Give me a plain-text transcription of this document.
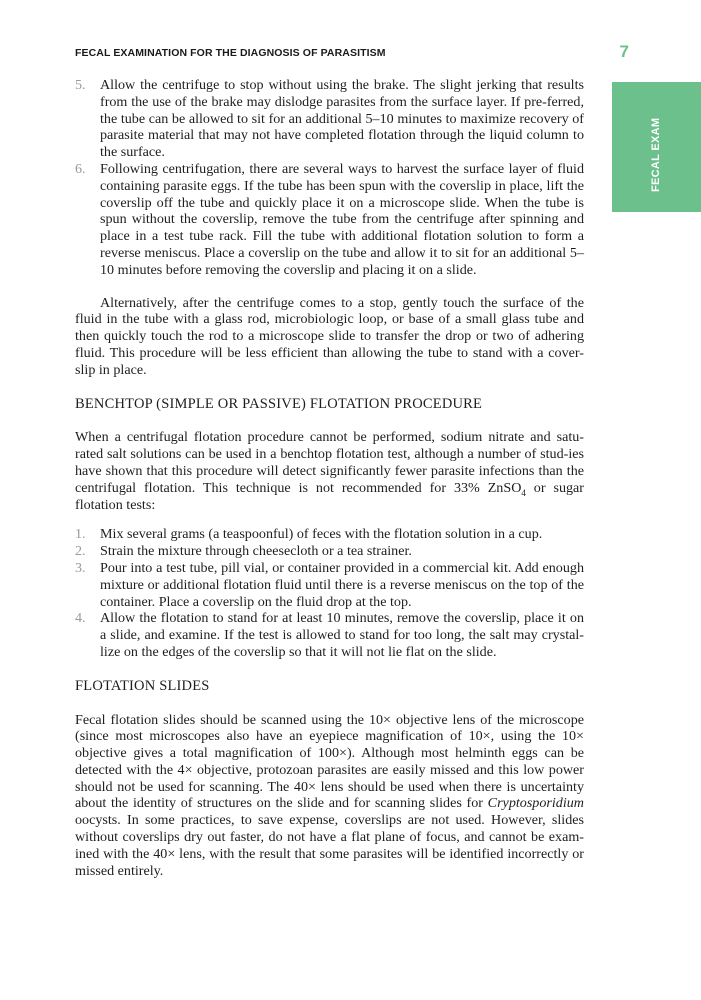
FECAL EXAMINATION FOR THE DIAGNOSIS OF PARASITISM	7
FECAL EXAM
5. Allow the centrifuge to stop without using the brake. The slight jerking that results from the use of the brake may dislodge parasites from the surface layer. If pre-ferred, the tube can be allowed to sit for an additional 5–10 minutes to maximize recovery of parasite material that may not have completed flotation through the liquid column to the surface.
6. Following centrifugation, there are several ways to harvest the surface layer of fluid containing parasite eggs. If the tube has been spun with the coverslip in place, lift the coverslip off the tube and quickly place it on a microscope slide. When the tube is spun without the coverslip, remove the tube from the centrifuge after spinning and place in a test tube rack. Fill the tube with additional flotation solution to form a reverse meniscus. Place a coverslip on the tube and allow it to sit for an additional 5–10 minutes before removing the coverslip and placing it on a slide.

Alternatively, after the centrifuge comes to a stop, gently touch the surface of the fluid in the tube with a glass rod, microbiologic loop, or base of a small glass tube and then quickly touch the rod to a microscope slide to transfer the drop or two of adhering fluid. This procedure will be less efficient than allowing the tube to stand with a cover-slip in place.

BENCHTOP (SIMPLE OR PASSIVE) FLOTATION PROCEDURE

When a centrifugal flotation procedure cannot be performed, sodium nitrate and satu-rated salt solutions can be used in a benchtop flotation test, although a number of stud-ies have shown that this procedure will detect significantly fewer parasite infections than the centrifugal flotation. This technique is not recommended for 33% ZnSO$_4$ or sugar flotation tests:

1. Mix several grams (a teaspoonful) of feces with the flotation solution in a cup.
2. Strain the mixture through cheesecloth or a tea strainer.
3. Pour into a test tube, pill vial, or container provided in a commercial kit. Add enough mixture or additional flotation fluid until there is a reverse meniscus on the top of the container. Place a coverslip on the fluid drop at the top.
4. Allow the flotation to stand for at least 10 minutes, remove the coverslip, place it on a slide, and examine. If the test is allowed to stand for too long, the salt may crystal-lize on the edges of the coverslip so that it will not lie flat on the slide.
FLOTATION SLIDES

Fecal flotation slides should be scanned using the 10× objective lens of the microscope (since most microscopes also have an eyepiece magnification of 10×, using the 10× objective gives a total magnification of 100×). Although most helminth eggs can be detected with the 4× objective, protozoan parasites are easily missed and this low power should not be used for scanning. The 40× lens should be used when there is uncertainty about the identity of structures on the slide and for scanning slides for Cryptosporidium oocysts. In some practices, to save expense, coverslips are not used. However, slides without coverslips dry out faster, do not have a flat plane of focus, and cannot be exam-ined with the 40× lens, with the result that some parasites will be identified incorrectly or missed entirely.
